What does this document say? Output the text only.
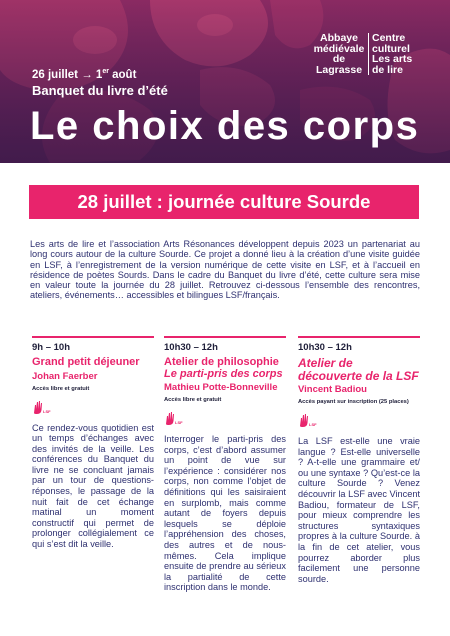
Abbaye
médiévale
de
Lagrasse
Centre
culturel
Les arts
de lire
26 juillet → 1er août
Banquet du livre d’été
Le choix des corps
28 juillet : journée culture Sourde

Les arts de lire et l’association Arts Résonances développent depuis 2023 un partenariat au long cours autour de la culture Sourde. Ce projet a donné lieu à la création d’une visite guidée en LSF, à l’enregistrement de la version numérique de cette visite en LSF, et à l’accueil en résidence de poètes Sourds. Dans le cadre du Banquet du livre d’été, cette culture sera mise en valeur toute la journée du 28 juillet. Retrouvez ci-dessous l’ensemble des rencontres, ateliers, événements… accessibles et bilingues LSF/français.

9h – 10h
Grand petit déjeuner
Johan Faerber
Accès libre et gratuit
LSF

Ce rendez-vous quotidien est un temps d’échanges avec des invités de la veille. Les conférences du Banquet du livre ne se concluant jamais par un tour de questions-réponses, le passage de la nuit fait de cet échange matinal un moment constructif qui permet de prolonger collégialement ce qui s’est dit la veille.

10h30 – 12h
Atelier de philosophie
Le parti-pris des corps
Mathieu Potte-Bonneville
Accès libre et gratuit
LSF

Interroger le parti-pris des corps, c’est d’abord assumer un point de vue sur l’expérience : considérer nos corps, non comme l’objet de définitions qui les saisiraient en surplomb, mais comme autant de foyers depuis lesquels se déploie l’appréhension des choses, des autres et de nous-mêmes. Cela implique ensuite de prendre au sérieux la partialité de cette inscription dans le monde.

10h30 – 12h
Atelier de découverte de la LSF
Vincent Badiou
Accès payant sur inscription (25 places)
LSF

La LSF est-elle une vraie langue ? Est-elle universelle ? A-t-elle une grammaire et/ ou une syntaxe ? Qu’est-ce la culture Sourde ? Venez découvrir la LSF avec Vincent Badiou, formateur de LSF, pour mieux comprendre les structures syntaxiques propres à la culture Sourde. à la fin de cet atelier, vous pourrez aborder plus facilement une personne sourde.
